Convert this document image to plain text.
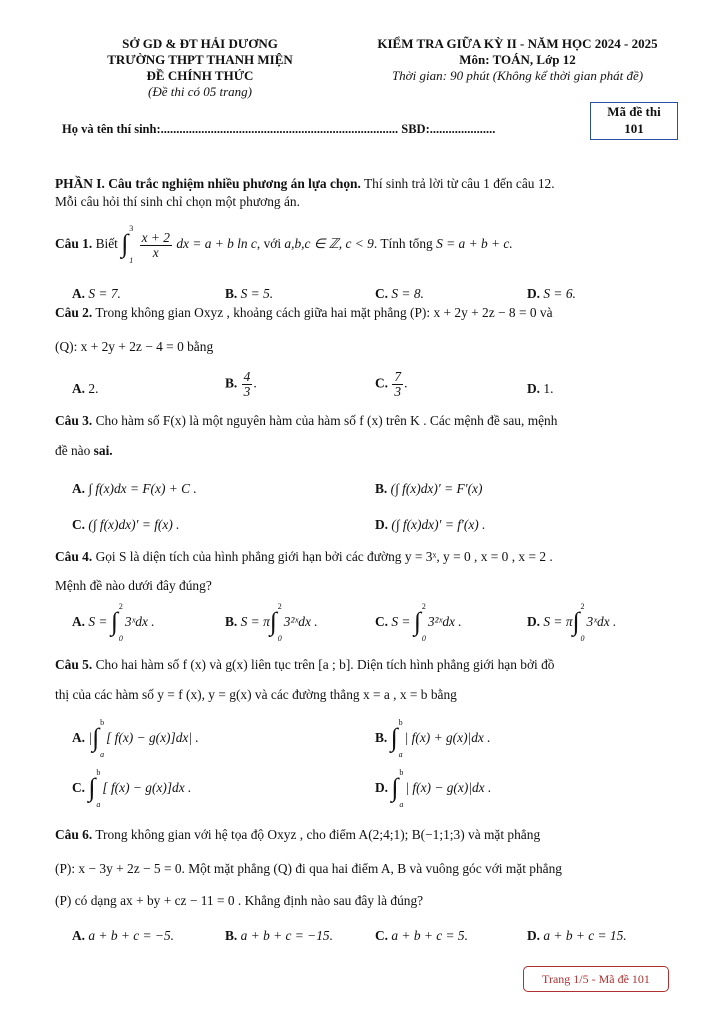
SỞ GD & ĐT HẢI DƯƠNG
TRƯỜNG THPT THANH MIỆN
ĐỀ CHÍNH THỨC
(Đề thi có 05 trang)
KIỂM TRA GIỮA KỲ II - NĂM HỌC 2024 - 2025
Môn: TOÁN, Lớp 12
Thời gian: 90 phút (Không kể thời gian phát đề)
Mã đề thi
101
Họ và tên thí sinh:............................................................................ SBD:.....................
PHẦN I. Câu trắc nghiệm nhiều phương án lựa chọn. Thí sinh trả lời từ câu 1 đến câu 12.
Mỗi câu hỏi thí sinh chỉ chọn một phương án.
Câu 1. Biết ∫
3
1

$\frac{x + 2}{x}$ dx = a + b ln c, với a,b,c ∈ ℤ, c < 9. Tính tổng S = a + b + c.
A. S = 7.	B. S = 5.	C. S = 8.	D. S = 6.
Câu 2. Trong không gian Oxyz , khoảng cách giữa hai mặt phẳng (P): x + 2y + 2z − 8 = 0 và
(Q): x + 2y + 2z − 4 = 0 bằng
A. 2.	B. $\frac{4}{3}$ .	C. $\frac{7}{3}$ .	D. 1.
Câu 3. Cho hàm số F(x) là một nguyên hàm của hàm số f (x) trên K . Các mệnh đề sau, mệnh
đề nào sai.
A. ∫ f(x)dx = F(x) + C .	B. (∫ f(x)dx)′ = F′(x)
C. (∫ f(x)dx)′ = f(x) .	D. (∫ f(x)dx)′ = f′(x) .
Câu 4. Gọi S là diện tích của hình phẳng giới hạn bởi các đường y = 3ˣ, y = 0 , x = 0 , x = 2 .
Mệnh đề nào dưới đây đúng?
A. S = ∫
2
0
3ˣdx .	B. S = π ∫
2
0
3²ˣdx .	C. S = ∫
2
0
3²ˣdx .	D. S = π ∫
2
0
3ˣdx .
Câu 5. Cho hai hàm số f (x) và g(x) liên tục trên [a ; b]. Diện tích hình phẳng giới hạn bởi đồ
thị của các hàm số y = f (x), y = g(x) và các đường thẳng x = a , x = b bằng
A. | ∫
b
a
[ f(x) − g(x)]dx| .	B. ∫
b
a
| f(x) + g(x)|dx .
C. ∫
b
a
[ f(x) − g(x)]dx .	D. ∫
b
a
| f(x) − g(x)|dx .
Câu 6. Trong không gian với hệ tọa độ Oxyz , cho điểm A(2;4;1); B(−1;1;3) và mặt phẳng
(P): x − 3y + 2z − 5 = 0. Một mặt phẳng (Q) đi qua hai điểm A, B và vuông góc với mặt phẳng
(P) có dạng ax + by + cz − 11 = 0 . Khẳng định nào sau đây là đúng?
A. a + b + c = −5.	B. a + b + c = −15.	C. a + b + c = 5.	D. a + b + c = 15.
Trang 1/5 - Mã đề 101
